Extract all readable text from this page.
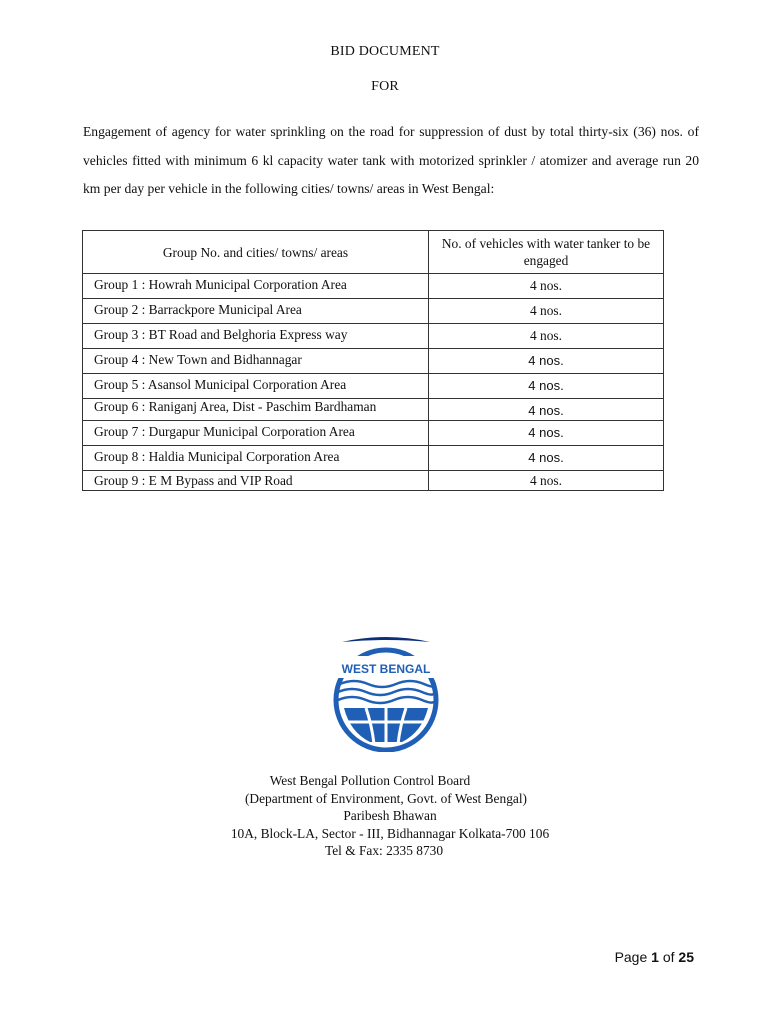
BID DOCUMENT
FOR
Engagement of agency for water sprinkling on the road for suppression of dust by total thirty-six (36) nos. of vehicles fitted with minimum 6 kl capacity water tank with motorized sprinkler / atomizer and average run 20 km per day per vehicle in the following cities/ towns/ areas in West Bengal:
Group No. and cities/ towns/ areas	No. of vehicles with water tanker to be engaged
Group 1 : Howrah Municipal Corporation Area	4 nos.
Group 2 : Barrackpore Municipal Area	4 nos.
Group 3 : BT Road and Belghoria Express way	4 nos.
Group 4 : New Town and Bidhannagar	4 nos.
Group 5 : Asansol Municipal Corporation Area	4 nos.
Group 6 : Raniganj Area, Dist - Paschim Bardhaman	4 nos.
Group 7 : Durgapur Municipal Corporation Area	4 nos.
Group 8 : Haldia Municipal Corporation Area	4 nos.
Group 9 : E M Bypass and VIP Road	4 nos.
WEST BENGAL
West Bengal Pollution Control Board
(Department of Environment, Govt. of West Bengal)
Paribesh Bhawan
10A, Block-LA, Sector - III, Bidhannagar Kolkata-700 106
Tel & Fax: 2335 8730
Page 1 of 25
